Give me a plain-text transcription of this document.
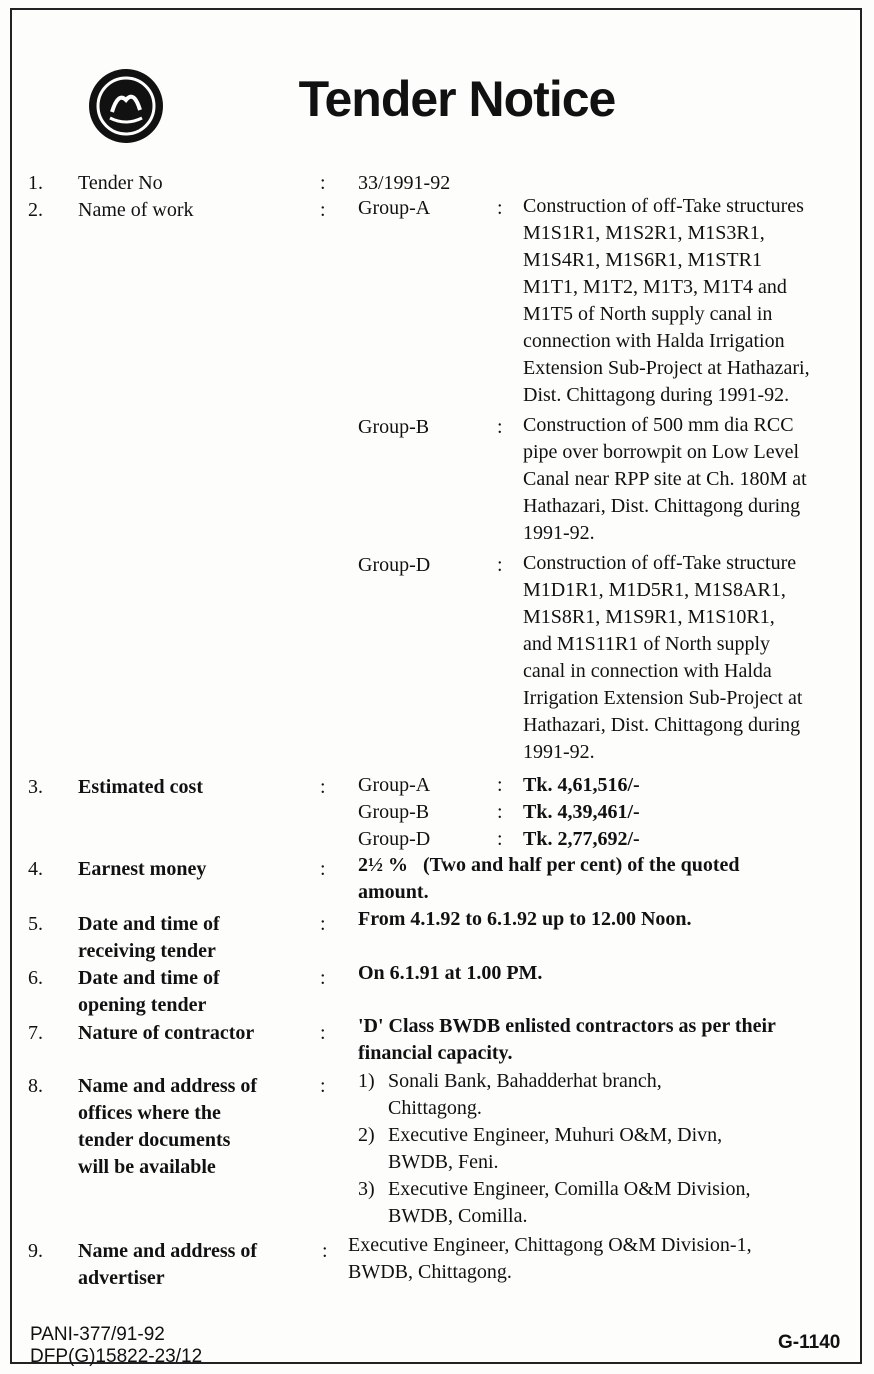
Tender Notice
1. Tender No	: 33/1991-92
2. Name of work	: Group-A	: Construction of off-Take structures
M1S1R1, M1S2R1, M1S3R1,
M1S4R1, M1S6R1, M1STR1
M1T1, M1T2, M1T3, M1T4 and
M1T5 of North supply canal in
connection with Halda Irrigation
Extension Sub-Project at Hathazari,
Dist. Chittagong during 1991-92.
Group-B	: Construction of 500 mm dia RCC
pipe over borrowpit on Low Level
Canal near RPP site at Ch. 180M at
Hathazari, Dist. Chittagong during
1991-92.
Group-D	: Construction of off-Take structure
M1D1R1, M1D5R1, M1S8AR1,
M1S8R1, M1S9R1, M1S10R1,
and M1S11R1 of North supply
canal in connection with Halda
Irrigation Extension Sub-Project at
Hathazari, Dist. Chittagong during
1991-92.
3. Estimated cost	: Group-A	: Tk. 4,61,516/-
Group-B	: Tk. 4,39,461/-
Group-D	: Tk. 2,77,692/-
4. Earnest money	: 2½ %   (Two and half per cent) of the quoted
amount.
5. Date and time of
receiving tender
: From 4.1.92 to 6.1.92 up to 12.00 Noon.
6. Date and time of
opening tender
: On 6.1.91 at 1.00 PM.
7. Nature of contractor	: 'D' Class BWDB enlisted contractors as per their
financial capacity.
8. Name and address of
offices where the
tender documents
will be available
: 1) Sonali Bank, Bahadderhat branch,
Chittagong.
2) Executive Engineer, Muhuri O&M, Divn,
BWDB, Feni.
3) Executive Engineer, Comilla O&M Division,
BWDB, Comilla.
9. Name and address of
advertiser
: Executive Engineer, Chittagong O&M Division-1,
BWDB, Chittagong.
PANI-377/91-92
DFP(G)15822-23/12
G-1140
